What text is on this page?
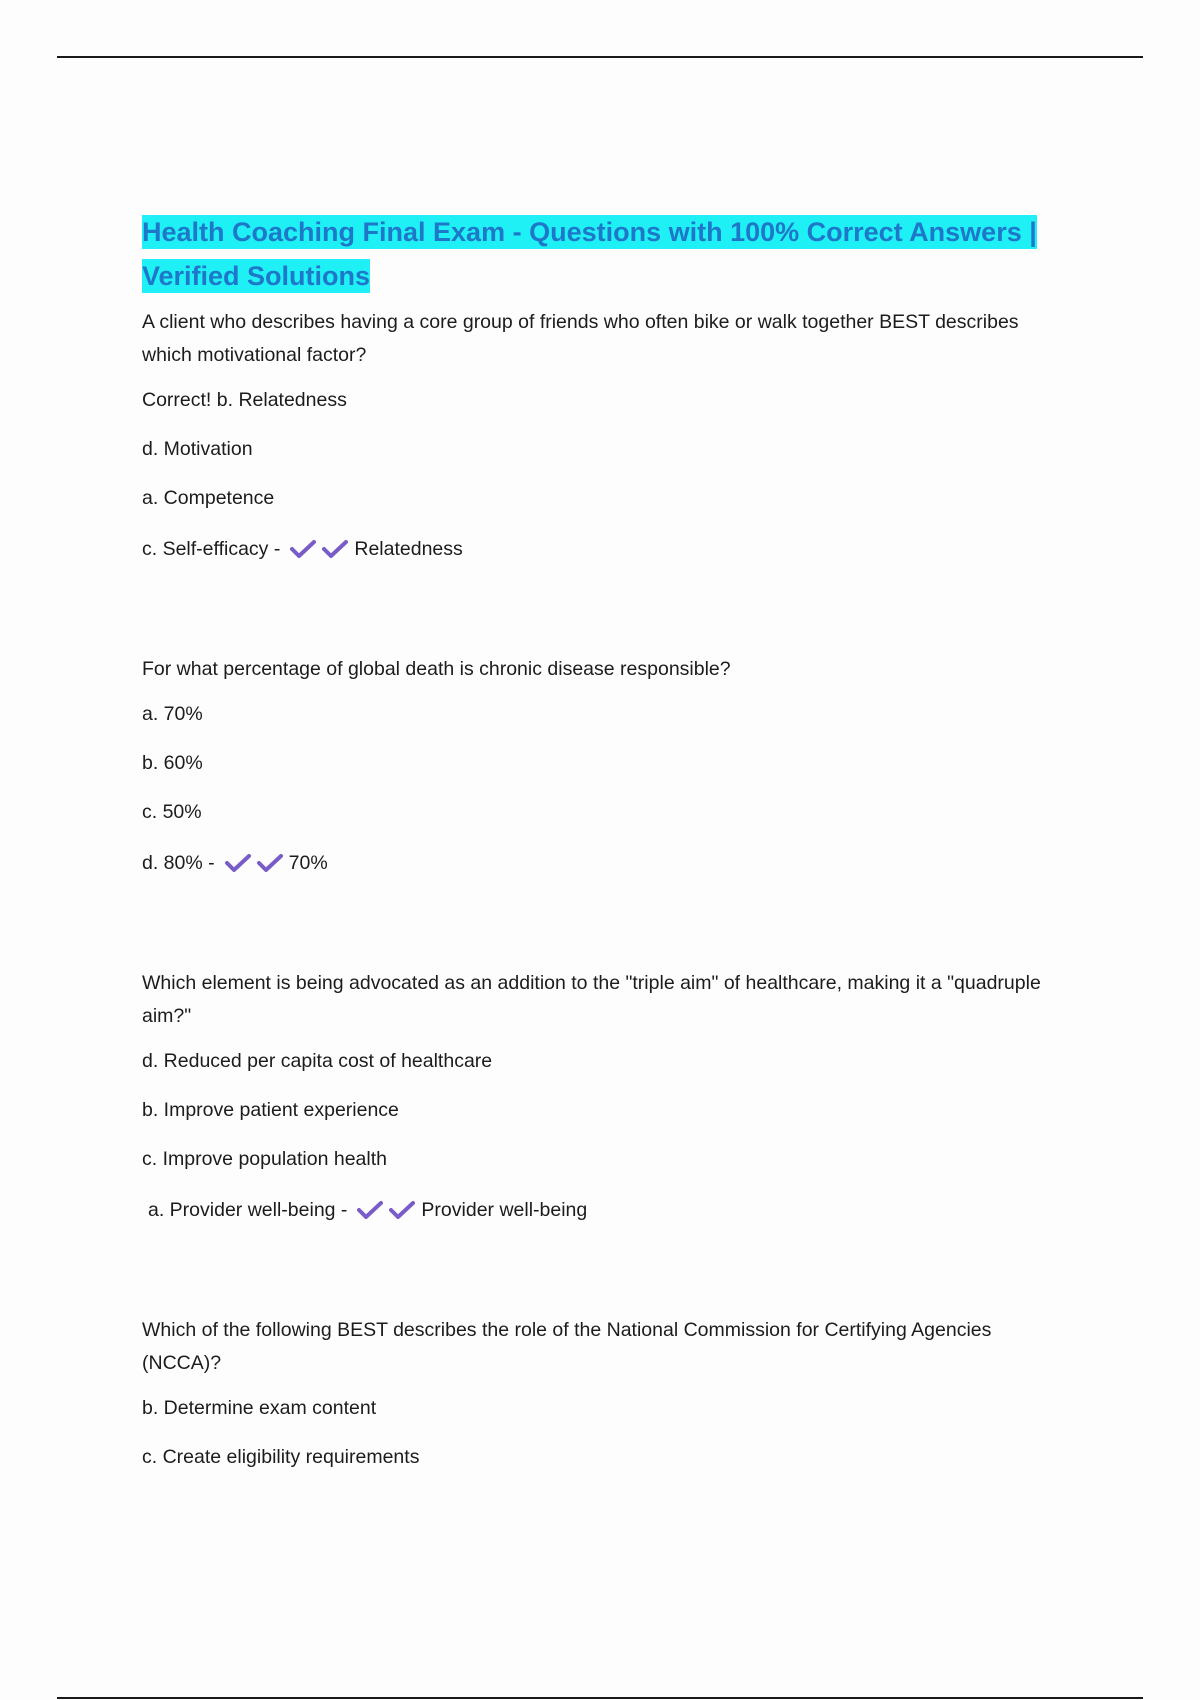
Health Coaching Final Exam - Questions with 100% Correct Answers |
Verified Solutions

A client who describes having a core group of friends who often bike or walk together BEST describes which motivational factor?

Correct! b. Relatedness

d. Motivation

a. Competence

c. Self-efficacy -	Relatedness

For what percentage of global death is chronic disease responsible?

a. 70%

b. 60%

c. 50%

d. 80% -	70%

Which element is being advocated as an addition to the "triple aim" of healthcare, making it a "quadruple aim?"

d. Reduced per capita cost of healthcare

b. Improve patient experience

c. Improve population health

a. Provider well-being -	Provider well-being

Which of the following BEST describes the role of the National Commission for Certifying Agencies (NCCA)?

b. Determine exam content

c. Create eligibility requirements
